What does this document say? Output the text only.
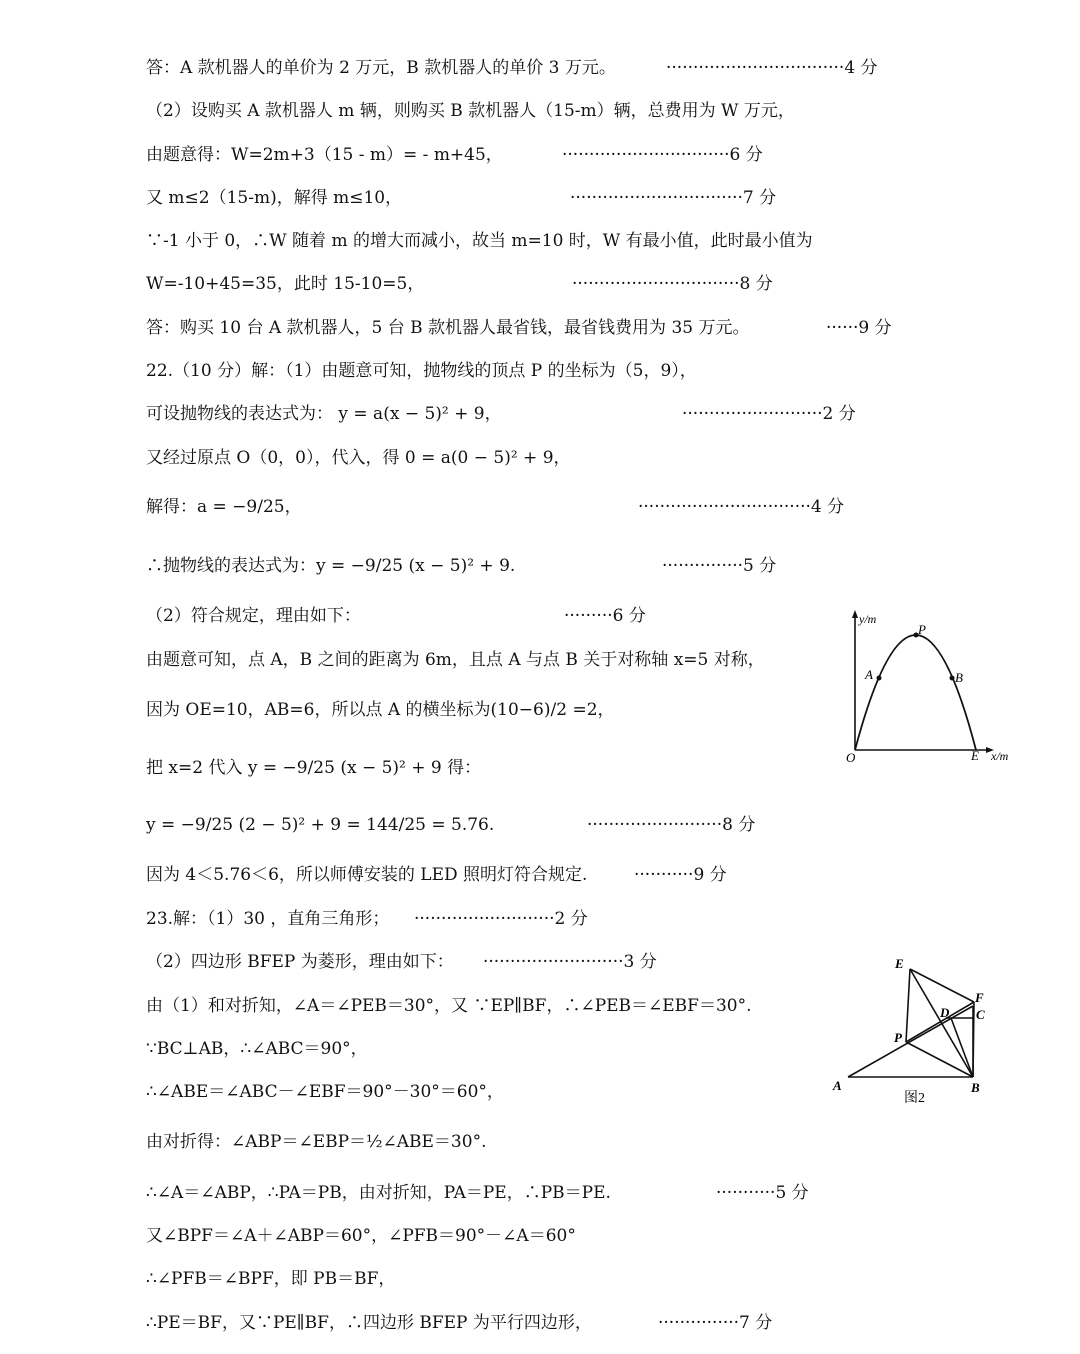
答：A 款机器人的单价为 2 万元，B 款机器人的单价 3 万元。	·································4 分
（2）设购买 A 款机器人 m 辆，则购买 B 款机器人（15-m）辆，总费用为 W 万元，
由题意得：W=2m+3（15 - m）= - m+45，	·······························6 分
又 m≤2（15-m)，解得 m≤10，	································7 分
∵-1 小于 0，∴W 随着 m 的增大而减小，故当 m=10 时，W 有最小值，此时最小值为
W=-10+45=35，此时 15-10=5，	·······························8 分
答：购买 10 台 A 款机器人，5 台 B 款机器人最省钱，最省钱费用为 35 万元。	······9 分
22.（10 分）解：（1）由题意可知，抛物线的顶点 P 的坐标为（5，9），
可设抛物线的表达式为： y = a(x − 5)² + 9，	··························2 分
又经过原点 O（0，0），代入，得 0 = a(0 − 5)² + 9，
解得：a = −9/25，	································4 分
∴抛物线的表达式为：y = −9/25 (x − 5)² + 9.	···············5 分
（2）符合规定，理由如下：	·········6 分
由题意可知，点 A，B 之间的距离为 6m，且点 A 与点 B 关于对称轴 x=5 对称，
因为 OE=10，AB=6，所以点 A 的横坐标为(10−6)/2 =2，
把 x=2 代入 y = −9/25 (x − 5)² + 9 得：
y = −9/25 (2 − 5)² + 9 = 144/25 = 5.76.	·························8 分
因为 4＜5.76＜6，所以师傅安装的 LED 照明灯符合规定.	···········9 分
23.解：（1）30 ，直角三角形； ··························2 分
（2）四边形 BFEP 为菱形，理由如下： ··························3 分
由（1）和对折知，∠A＝∠PEB＝30°，又 ∵EP∥BF，∴∠PEB＝∠EBF＝30°.
∵BC⊥AB，∴∠ABC＝90°，
∴∠ABE＝∠ABC－∠EBF＝90°－30°＝60°，
由对折得：∠ABP＝∠EBP＝½∠ABE＝30°.
∴∠A＝∠ABP，∴PA＝PB，由对折知，PA＝PE，∴PB＝PE.	···········5 分
又∠BPF＝∠A＋∠ABP＝60°，∠PFB＝90°－∠A＝60°
∴∠PFB＝∠BPF，即 PB＝BF，
∴PE＝BF，又∵PE∥BF，∴四边形 BFEP 为平行四边形，	···············7 分
y/m
x/m
O
P
A	B
E
E
F
C
D
P
A	B
图2
